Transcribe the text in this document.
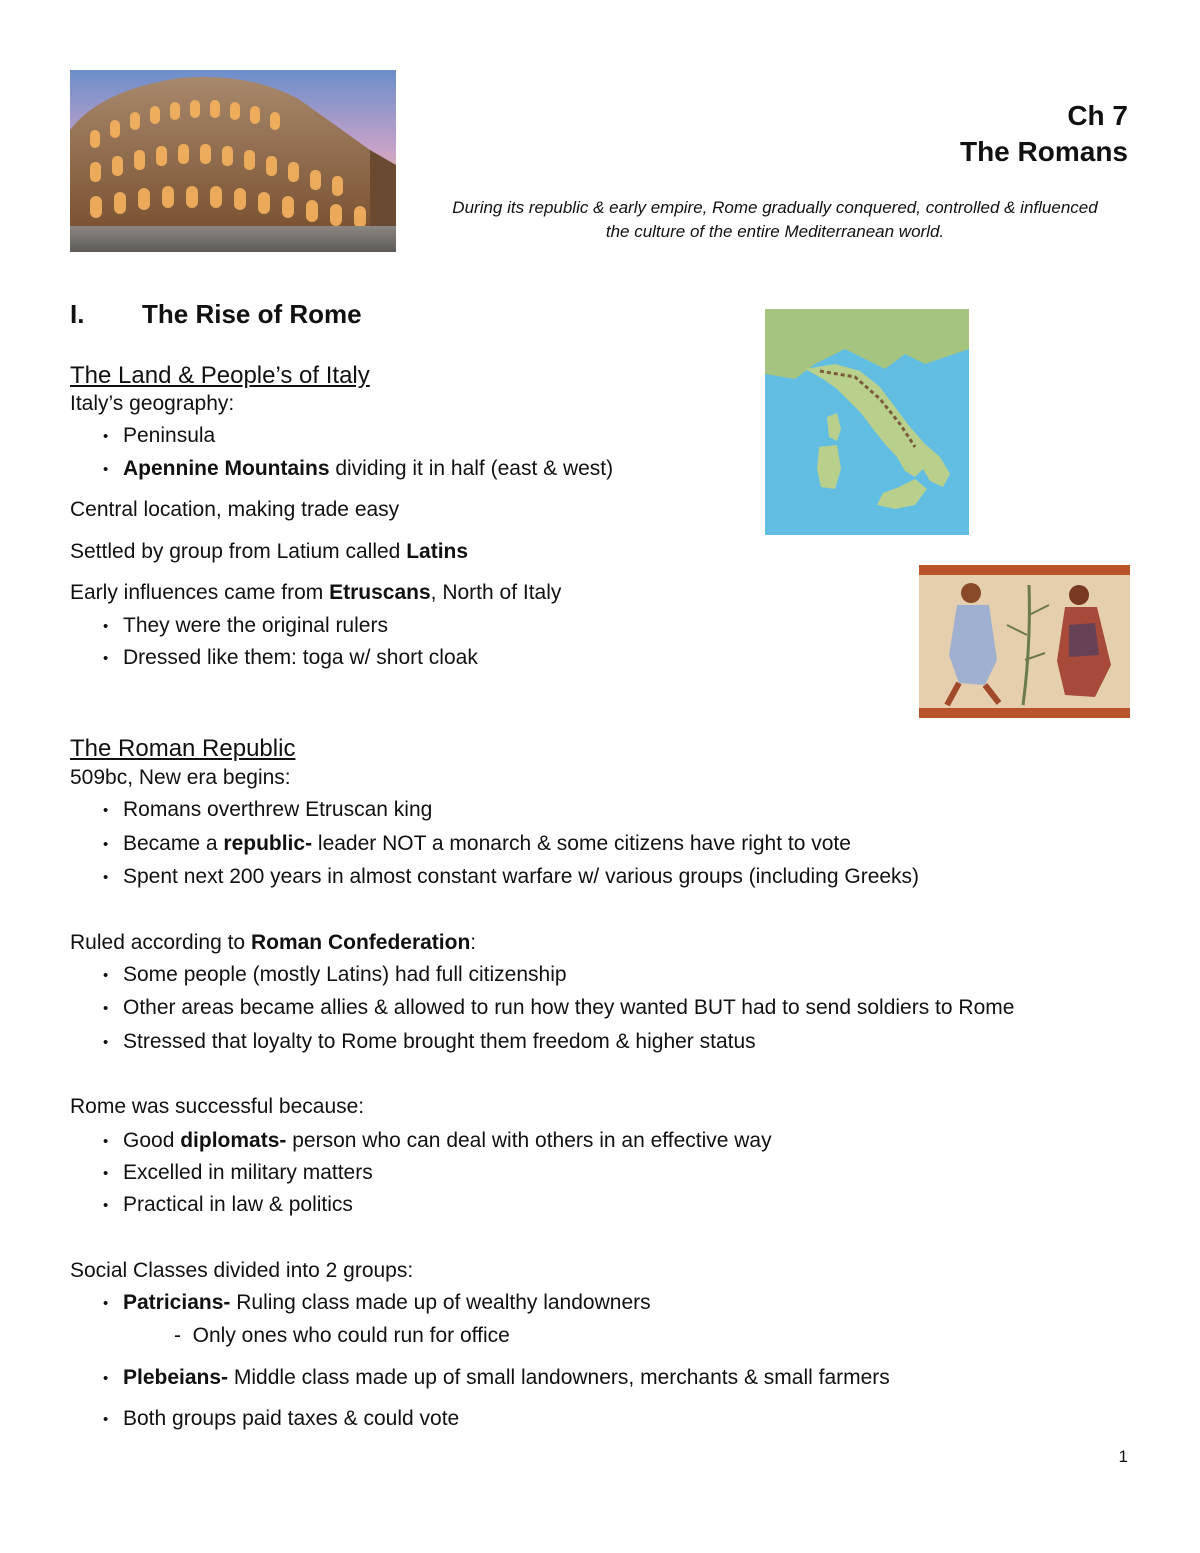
Ch 7
The Romans
During its republic & early empire, Rome gradually conquered, controlled & influenced the culture of the entire Mediterranean world.
I. The Rise of Rome
The Land & People’s of Italy
Italy’s geography:
• Peninsula
• Apennine Mountains dividing it in half (east & west)
Central location, making trade easy
Settled by group from Latium called Latins
Early influences came from Etruscans, North of Italy
• They were the original rulers
• Dressed like them: toga w/ short cloak
The Roman Republic
509bc, New era begins:
• Romans overthrew Etruscan king
• Became a republic- leader NOT a monarch & some citizens have right to vote
• Spent next 200 years in almost constant warfare w/ various groups (including Greeks)
Ruled according to Roman Confederation:
• Some people (mostly Latins) had full citizenship
• Other areas became allies & allowed to run how they wanted BUT had to send soldiers to Rome
• Stressed that loyalty to Rome brought them freedom & higher status
Rome was successful because:
• Good diplomats- person who can deal with others in an effective way
• Excelled in military matters
• Practical in law & politics
Social Classes divided into 2 groups:
• Patricians- Ruling class made up of wealthy landowners
- Only ones who could run for office
• Plebeians- Middle class made up of small landowners, merchants & small farmers
• Both groups paid taxes & could vote
1
